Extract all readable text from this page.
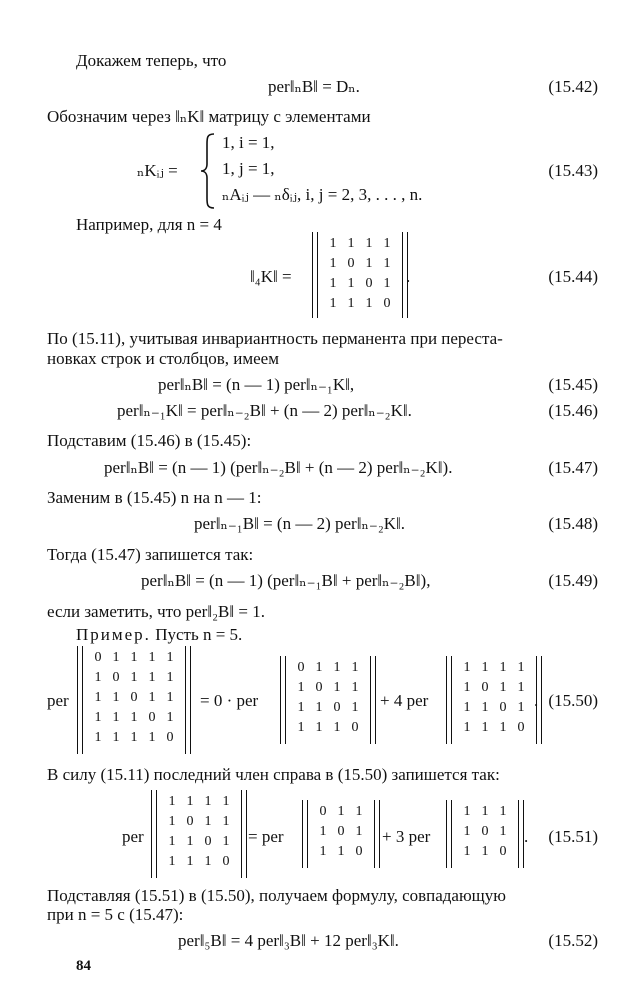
Докажем теперь, что
per‖ₙB‖ = Dₙ.	(15.42)
Обозначим через ‖ₙK‖ матрицу с элементами
ₙKᵢⱼ =
1, i = 1,
1, j = 1,
ₙAᵢⱼ — ₙδᵢⱼ, i, j = 2, 3, . . . , n.
(15.43)
Например, для n = 4
‖₄K‖ =
1 1 1 1
1 0 1 1
1 1 0 1
1 1 1 0
.	(15.44)
По (15.11), учитывая инвариантность перманента при переста-
новках строк и столбцов, имеем
per‖ₙB‖ = (n — 1) per‖ₙ₋₁K‖,	(15.45)
per‖ₙ₋₁K‖ = per‖ₙ₋₂B‖ + (n — 2) per‖ₙ₋₂K‖.	(15.46)
Подставим (15.46) в (15.45):
per‖ₙB‖ = (n — 1) (per‖ₙ₋₂B‖ + (n — 2) per‖ₙ₋₂K‖).	(15.47)
Заменим в (15.45) n на n — 1:
per‖ₙ₋₁B‖ = (n — 2) per‖ₙ₋₂K‖.	(15.48)
Тогда (15.47) запишется так:
per‖ₙB‖ = (n — 1) (per‖ₙ₋₁B‖ + per‖ₙ₋₂B‖),	(15.49)
если заметить, что per‖₂B‖ = 1.
Пример. Пусть n = 5.
per
0 1 1 1 1
1 0 1 1 1
1 1 0 1 1
1 1 1 0 1
1 1 1 1 0
= 0 · per
0 1 1 1
1 0 1 1
1 1 0 1
1 1 1 0
+ 4 per
1 1 1 1
1 0 1 1
1 1 0 1
1 1 1 0
. (15.50)
В силу (15.11) последний член справа в (15.50) запишется так:
per
1 1 1 1
1 0 1 1
1 1 0 1
1 1 1 0
= per
0 1 1
1 0 1
1 1 0
+ 3 per
1 1 1
1 0 1
1 1 0
. (15.51)
Подставляя (15.51) в (15.50), получаем формулу, совпадающую
при n = 5 с (15.47):
per‖₅B‖ = 4 per‖₃B‖ + 12 per‖₃K‖.	(15.52)
84
